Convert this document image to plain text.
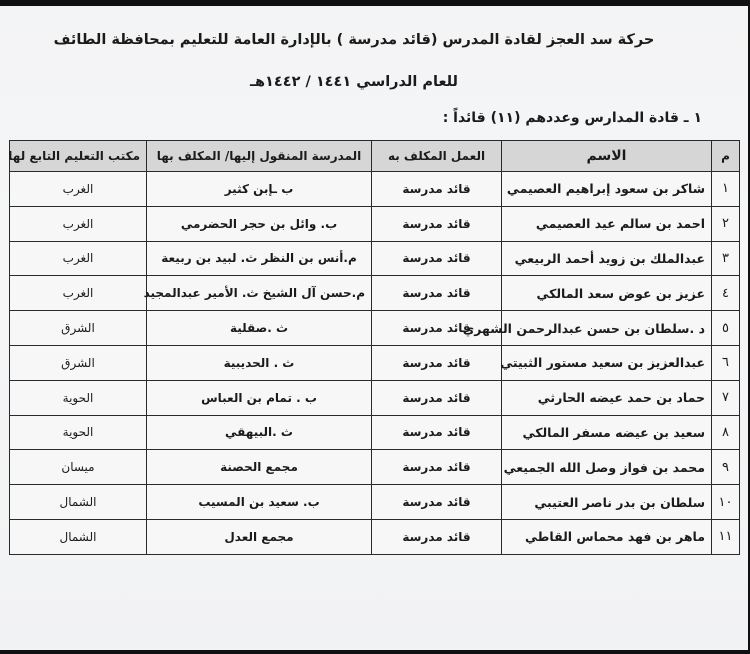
حركة سد العجز لقادة المدرس (قائد مدرسة ) بالإدارة العامة للتعليم بمحافظة الطائف
للعام الدراسي ١٤٤١ / ١٤٤٢هـ
١ ـ قادة المدارس وعددهم (١١) قائداً :
م	الاسم	العمل المكلف به	المدرسة المنقول إليها/ المكلف بها	مكتب التعليم التابع لها
١	شاكر بن سعود إبراهيم العصيمي	قائد مدرسة	ب ـإبن كثير	الغرب
٢	احمد بن سالم عيد العصيمي	قائد مدرسة	ب. وائل بن حجر الحضرمي	الغرب
٣	عبدالملك بن زويد أحمد الربيعي	قائد مدرسة	م.أنس بن النظر ث. لبيد بن ربيعة	الغرب
٤	عزيز بن عوض سعد المالكي	قائد مدرسة	م.حسن آل الشيخ ث. الأمير عبدالمجيد	الغرب
٥	د .سلطان بن حسن عبدالرحمن الشهري	قائد مدرسة	ث .صقلية	الشرق
٦	عبدالعزيز بن سعيد مستور الثبيتي	قائد مدرسة	ث . الحديبية	الشرق
٧	حماد بن حمد عيضه الحارثي	قائد مدرسة	ب . تمام بن العباس	الحوية
٨	سعيد بن عيضه مسفر المالكي	قائد مدرسة	ث .البيهقي	الحوية
٩	محمد بن فواز وصل الله الجميعي	قائد مدرسة	مجمع الحصنة	ميسان
١٠	سلطان بن بدر ناصر العتيبي	قائد مدرسة	ب. سعيد بن المسيب	الشمال
١١	ماهر بن فهد محماس القاطي	قائد مدرسة	مجمع العدل	الشمال
